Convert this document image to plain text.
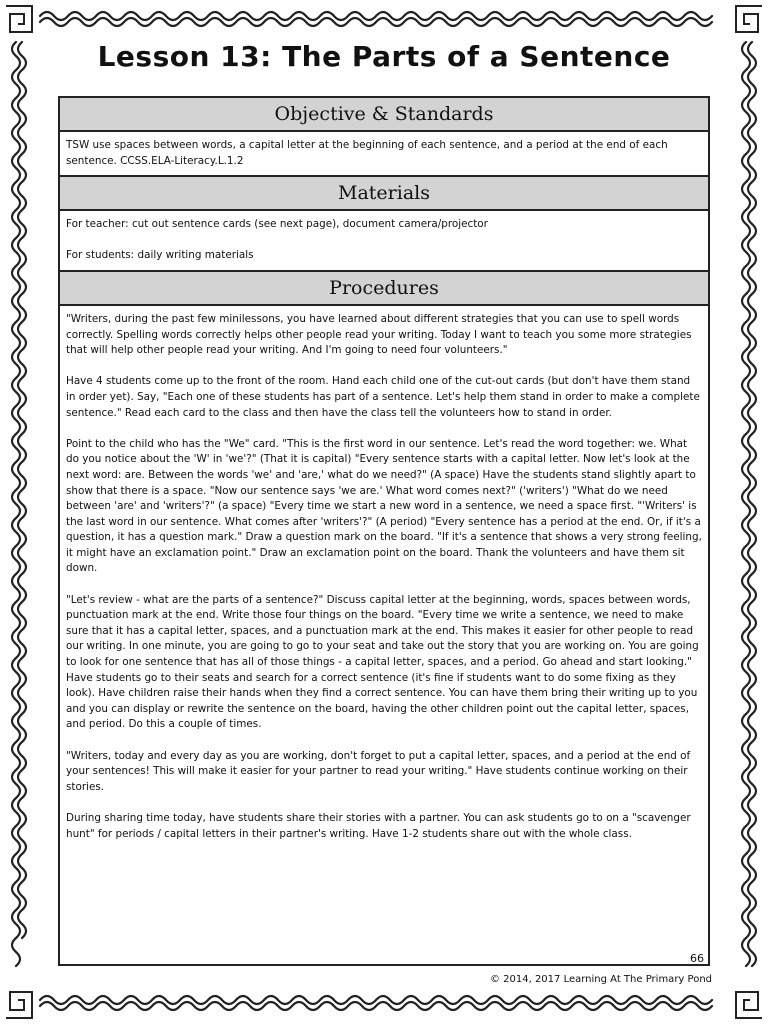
Lesson 13: The Parts of a Sentence
Objective & Standards

TSW use spaces between words, a capital letter at the beginning of each sentence, and a period at the end of each sentence. CCSS.ELA-Literacy.L.1.2

Materials

For teacher: cut out sentence cards (see next page), document camera/projector

For students: daily writing materials

Procedures

"Writers, during the past few minilessons, you have learned about different strategies that you can use to spell words correctly. Spelling words correctly helps other people read your writing. Today I want to teach you some more strategies that will help other people read your writing. And I'm going to need four volunteers."

Have 4 students come up to the front of the room. Hand each child one of the cut-out cards (but don't have them stand in order yet). Say, "Each one of these students has part of a sentence. Let's help them stand in order to make a complete sentence." Read each card to the class and then have the class tell the volunteers how to stand in order.

Point to the child who has the "We" card. "This is the first word in our sentence. Let's read the word together: we. What do you notice about the 'W' in 'we'?" (That it is capital) "Every sentence starts with a capital letter. Now let's look at the next word: are. Between the words 'we' and 'are,' what do we need?" (A space) Have the students stand slightly apart to show that there is a space. "Now our sentence says 'we are.' What word comes next?" ('writers') "What do we need between 'are' and 'writers'?" (a space) "Every time we start a new word in a sentence, we need a space first. "'Writers' is the last word in our sentence. What comes after 'writers'?" (A period) "Every sentence has a period at the end. Or, if it's a question, it has a question mark." Draw a question mark on the board. "If it's a sentence that shows a very strong feeling, it might have an exclamation point." Draw an exclamation point on the board. Thank the volunteers and have them sit down.

"Let's review - what are the parts of a sentence?" Discuss capital letter at the beginning, words, spaces between words, punctuation mark at the end. Write those four things on the board. "Every time we write a sentence, we need to make sure that it has a capital letter, spaces, and a punctuation mark at the end. This makes it easier for other people to read our writing. In one minute, you are going to go to your seat and take out the story that you are working on. You are going to look for one sentence that has all of those things - a capital letter, spaces, and a period. Go ahead and start looking." Have students go to their seats and search for a correct sentence (it's fine if students want to do some fixing as they look). Have children raise their hands when they find a correct sentence. You can have them bring their writing up to you and you can display or rewrite the sentence on the board, having the other children point out the capital letter, spaces, and period. Do this a couple of times.

"Writers, today and every day as you are working, don't forget to put a capital letter, spaces, and a period at the end of your sentences! This will make it easier for your partner to read your writing." Have students continue working on their stories.

During sharing time today, have students share their stories with a partner. You can ask students go to on a "scavenger hunt" for periods / capital letters in their partner's writing. Have 1-2 students share out with the whole class.

66
© 2014, 2017 Learning At The Primary Pond
